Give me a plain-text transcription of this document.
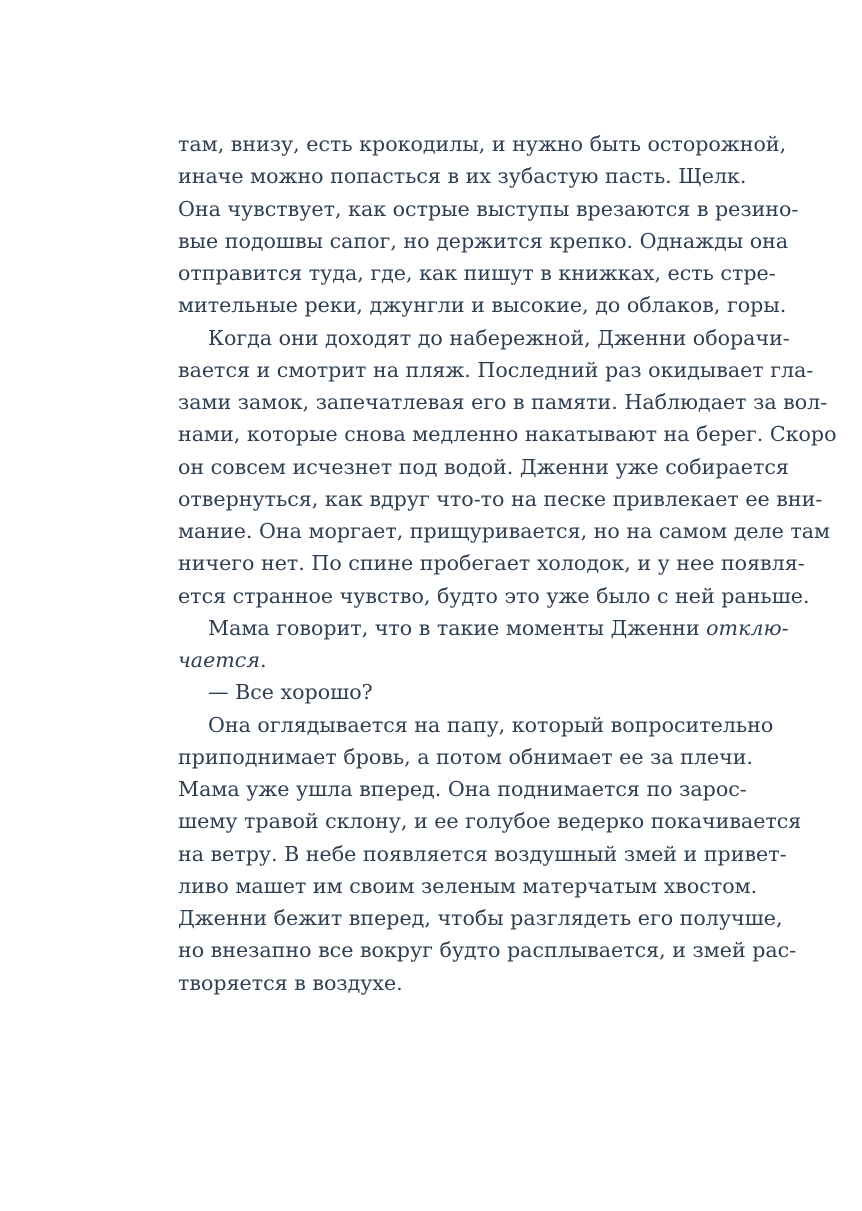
там, внизу, есть крокодилы, и нужно быть осторожной,
иначе можно попасться в их зубастую пасть. Щелк.
Она чувствует, как острые выступы врезаются в резино-
вые подошвы сапог, но держится крепко. Однажды она
отправится туда, где, как пишут в книжках, есть стре-
мительные реки, джунгли и высокие, до облаков, горы.
Когда они доходят до набережной, Дженни оборачи-
вается и смотрит на пляж. Последний раз окидывает гла-
зами замок, запечатлевая его в памяти. Наблюдает за вол-
нами, которые снова медленно накатывают на берег. Скоро
он совсем исчезнет под водой. Дженни уже собирается
отвернуться, как вдруг что-то на песке привлекает ее вни-
мание. Она моргает, прищуривается, но на самом деле там
ничего нет. По спине пробегает холодок, и у нее появля-
ется странное чувство, будто это уже было с ней раньше.
Мама говорит, что в такие моменты Дженни отклю-
чается.
— Все хорошо?
Она оглядывается на папу, который вопросительно
приподнимает бровь, а потом обнимает ее за плечи.
Мама уже ушла вперед. Она поднимается по зарос-
шему травой склону, и ее голубое ведерко покачивается
на ветру. В небе появляется воздушный змей и привет-
ливо машет им своим зеленым матерчатым хвостом.
Дженни бежит вперед, чтобы разглядеть его получше,
но внезапно все вокруг будто расплывается, и змей рас-
творяется в воздухе.
